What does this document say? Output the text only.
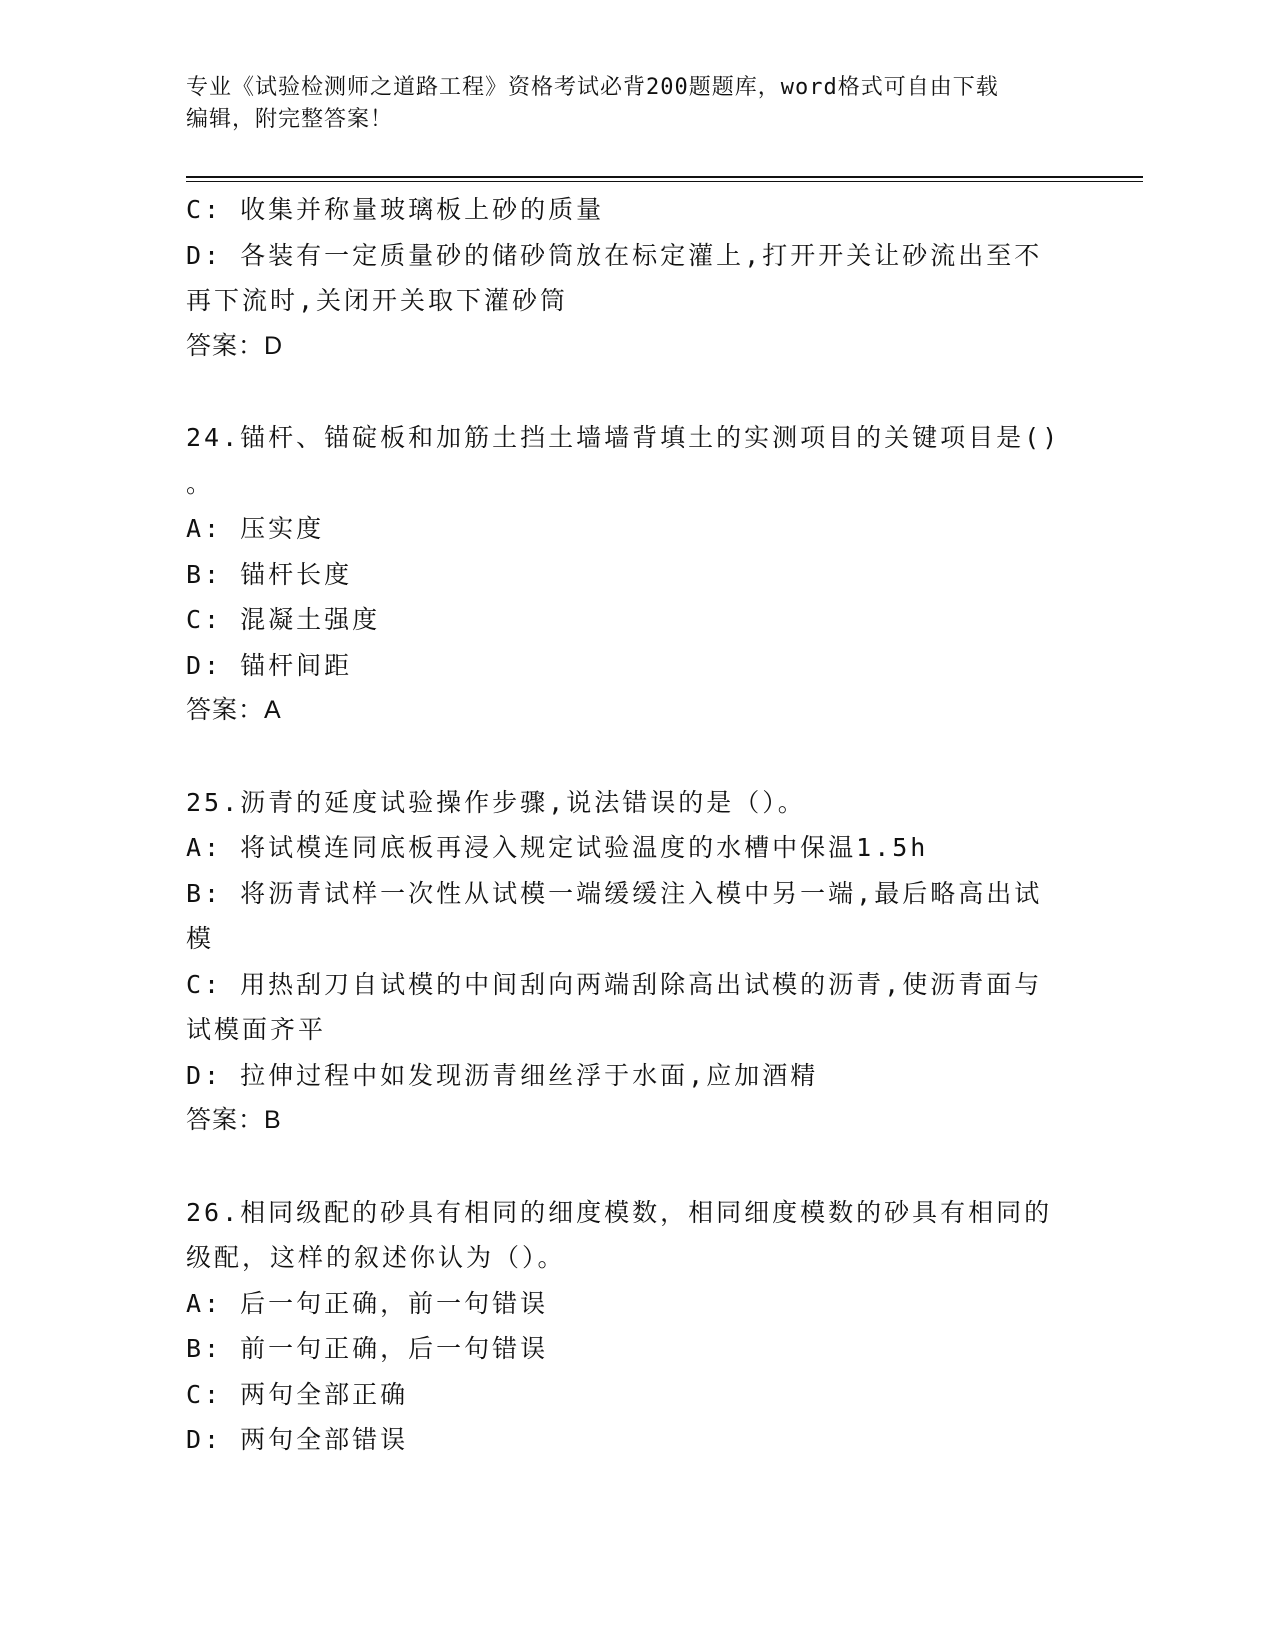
专业《试验检测师之道路工程》资格考试必背200题题库，word格式可自由下载
编辑，附完整答案！
C: 收集并称量玻璃板上砂的质量
D: 各装有一定质量砂的储砂筒放在标定灌上,打开开关让砂流出至不
再下流时,关闭开关取下灌砂筒
答案：D
24.锚杆、锚碇板和加筋土挡土墙墙背填土的实测项目的关键项目是()
。
A: 压实度
B: 锚杆长度
C: 混凝土强度
D: 锚杆间距
答案：A
25.沥青的延度试验操作步骤,说法错误的是（）。
A: 将试模连同底板再浸入规定试验温度的水槽中保温1.5h
B: 将沥青试样一次性从试模一端缓缓注入模中另一端,最后略高出试
模
C: 用热刮刀自试模的中间刮向两端刮除高出试模的沥青,使沥青面与
试模面齐平
D: 拉伸过程中如发现沥青细丝浮于水面,应加酒精
答案：B
26.相同级配的砂具有相同的细度模数，相同细度模数的砂具有相同的
级配，这样的叙述你认为（）。
A: 后一句正确，前一句错误
B: 前一句正确，后一句错误
C: 两句全部正确
D: 两句全部错误
